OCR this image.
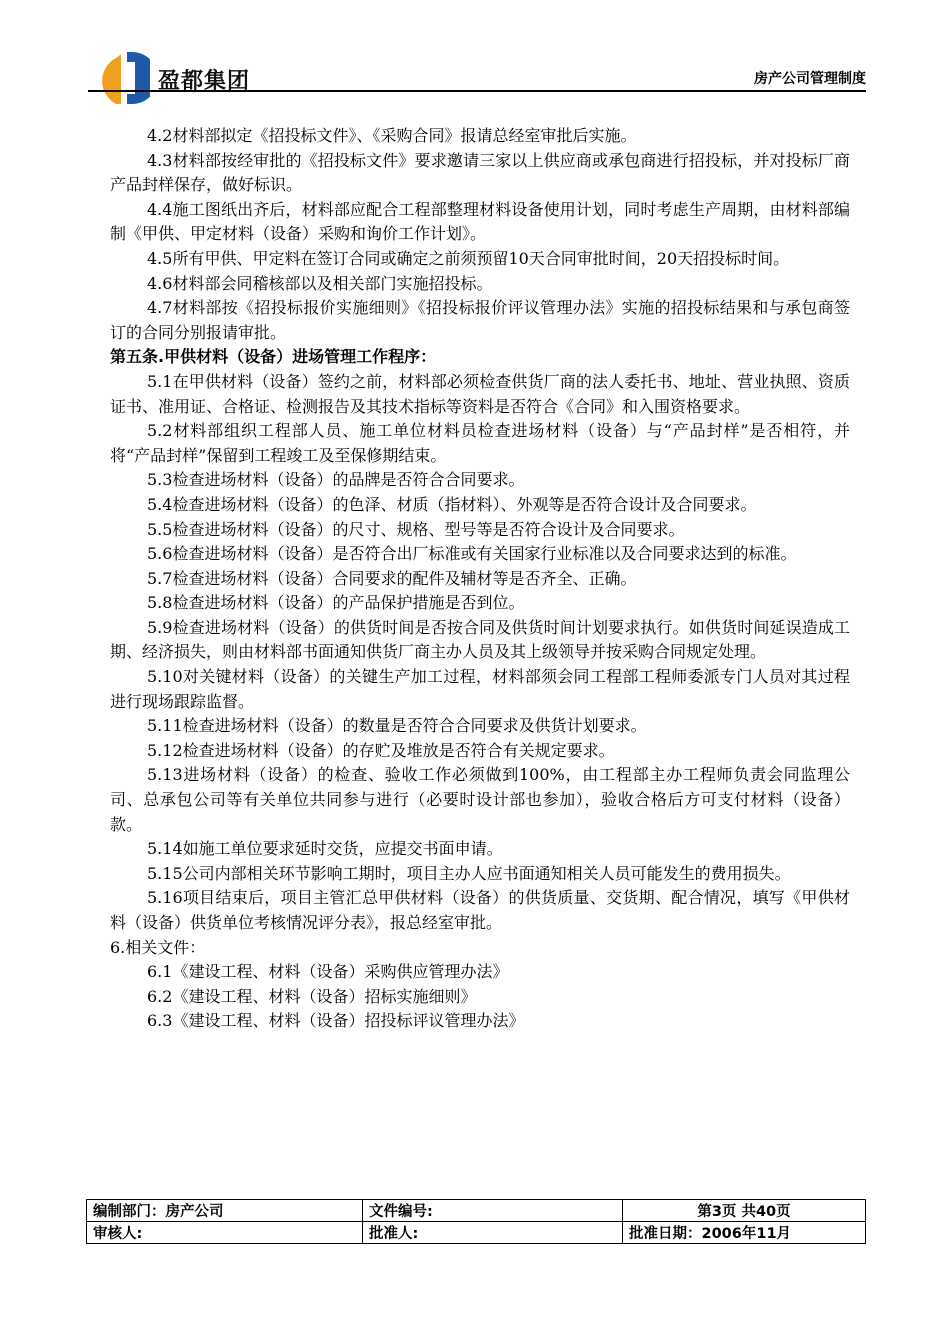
盈都集团	房产公司管理制度

4.2材料部拟定《招投标文件》、《采购合同》报请总经室审批后实施。

4.3材料部按经审批的《招投标文件》要求邀请三家以上供应商或承包商进行招投标，并对投标厂商产品封样保存，做好标识。

4.4施工图纸出齐后，材料部应配合工程部整理材料设备使用计划，同时考虑生产周期，由材料部编制《甲供、甲定材料（设备）采购和询价工作计划》。

4.5所有甲供、甲定料在签订合同或确定之前须预留10天合同审批时间，20天招投标时间。

4.6材料部会同稽核部以及相关部门实施招投标。

4.7材料部按《招投标报价实施细则》《招投标报价评议管理办法》实施的招投标结果和与承包商签订的合同分别报请审批。

第五条.甲供材料（设备）进场管理工作程序：

5.1在甲供材料（设备）签约之前，材料部必须检查供货厂商的法人委托书、地址、营业执照、资质证书、准用证、合格证、检测报告及其技术指标等资料是否符合《合同》和入围资格要求。

5.2材料部组织工程部人员、施工单位材料员检查进场材料（设备）与“产品封样”是否相符，并将“产品封样”保留到工程竣工及至保修期结束。

5.3检查进场材料（设备）的品牌是否符合合同要求。

5.4检查进场材料（设备）的色泽、材质（指材料）、外观等是否符合设计及合同要求。

5.5检查进场材料（设备）的尺寸、规格、型号等是否符合设计及合同要求。

5.6检查进场材料（设备）是否符合出厂标准或有关国家行业标准以及合同要求达到的标准。

5.7检查进场材料（设备）合同要求的配件及辅材等是否齐全、正确。

5.8检查进场材料（设备）的产品保护措施是否到位。

5.9检查进场材料（设备）的供货时间是否按合同及供货时间计划要求执行。如供货时间延误造成工期、经济损失，则由材料部书面通知供货厂商主办人员及其上级领导并按采购合同规定处理。

5.10对关键材料（设备）的关键生产加工过程，材料部须会同工程部工程师委派专门人员对其过程进行现场跟踪监督。

5.11检查进场材料（设备）的数量是否符合合同要求及供货计划要求。

5.12检查进场材料（设备）的存贮及堆放是否符合有关规定要求。

5.13进场材料（设备）的检查、验收工作必须做到100%，由工程部主办工程师负责会同监理公司、总承包公司等有关单位共同参与进行（必要时设计部也参加），验收合格后方可支付材料（设备）款。

5.14如施工单位要求延时交货，应提交书面申请。

5.15公司内部相关环节影响工期时，项目主办人应书面通知相关人员可能发生的费用损失。

5.16项目结束后，项目主管汇总甲供材料（设备）的供货质量、交货期、配合情况，填写《甲供材料（设备）供货单位考核情况评分表》，报总经室审批。

6.相关文件：

6.1《建设工程、材料（设备）采购供应管理办法》

6.2《建设工程、材料（设备）招标实施细则》

6.3《建设工程、材料（设备）招投标评议管理办法》

编制部门：房产公司	文件编号:	第3页 共40页
审核人:	批准人:	批准日期：2006年11月
